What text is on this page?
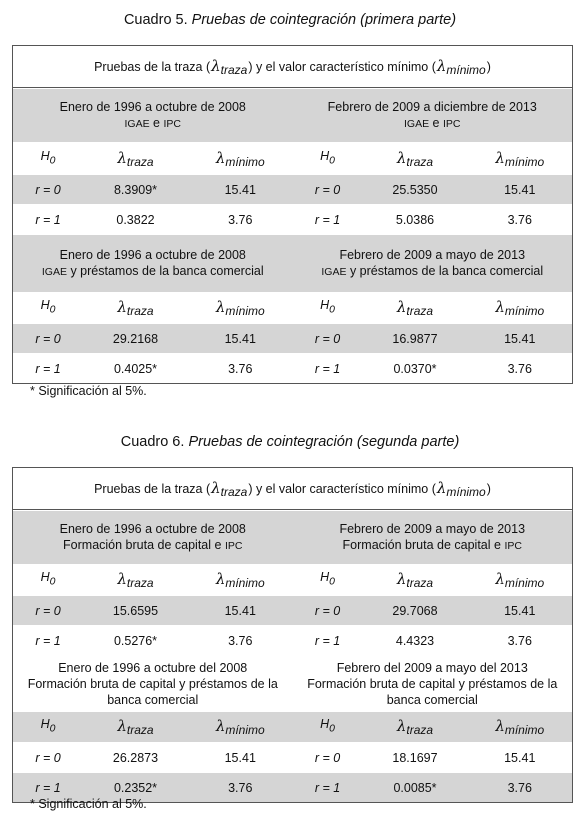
Cuadro 5. Pruebas de cointegración (primera parte)
Pruebas de la traza ( $\lambda_{traza}$ ) y el valor característico mínimo ( $\lambda_{mínimo}$ )
Enero de 1996 a octubre de 2008
IGAE e IPC
Febrero de 2009 a diciembre de 2013
IGAE e IPC
$H_0$	$\lambda_{traza}$	$\lambda_{mínimo}$	$H_0$	$\lambda_{traza}$	$\lambda_{mínimo}$
r = 0	8.3909*	15.41	r = 0	25.5350	15.41
r = 1	0.3822	3.76	r = 1	5.0386	3.76
Enero de 1996 a octubre de 2008
IGAE y préstamos de la banca comercial
Febrero de 2009 a mayo de 2013
IGAE y préstamos de la banca comercial
$H_0$	$\lambda_{traza}$	$\lambda_{mínimo}$	$H_0$	$\lambda_{traza}$	$\lambda_{mínimo}$
r = 0	29.2168	15.41	r = 0	16.9877	15.41
r = 1	0.4025*	3.76	r = 1	0.0370*	3.76
* Significación al 5%.
Cuadro 6. Pruebas de cointegración (segunda parte)
Pruebas de la traza ( $\lambda_{traza}$ ) y el valor característico mínimo ( $\lambda_{mínimo}$ )
Enero de 1996 a octubre de 2008
Formación bruta de capital e IPC
Febrero de 2009 a mayo de 2013
Formación bruta de capital e IPC
$H_0$	$\lambda_{traza}$	$\lambda_{mínimo}$	$H_0$	$\lambda_{traza}$	$\lambda_{mínimo}$
r = 0	15.6595	15.41	r = 0	29.7068	15.41
r = 1	0.5276*	3.76	r = 1	4.4323	3.76
Enero de 1996 a octubre del 2008
Formación bruta de capital y préstamos de la
banca comercial
Febrero del 2009 a mayo del 2013
Formación bruta de capital y préstamos de la
banca comercial
$H_0$	$\lambda_{traza}$	$\lambda_{mínimo}$	$H_0$	$\lambda_{traza}$	$\lambda_{mínimo}$
r = 0	26.2873	15.41	r = 0	18.1697	15.41
r = 1	0.2352*	3.76	r = 1	0.0085*	3.76
* Significación al 5%.
